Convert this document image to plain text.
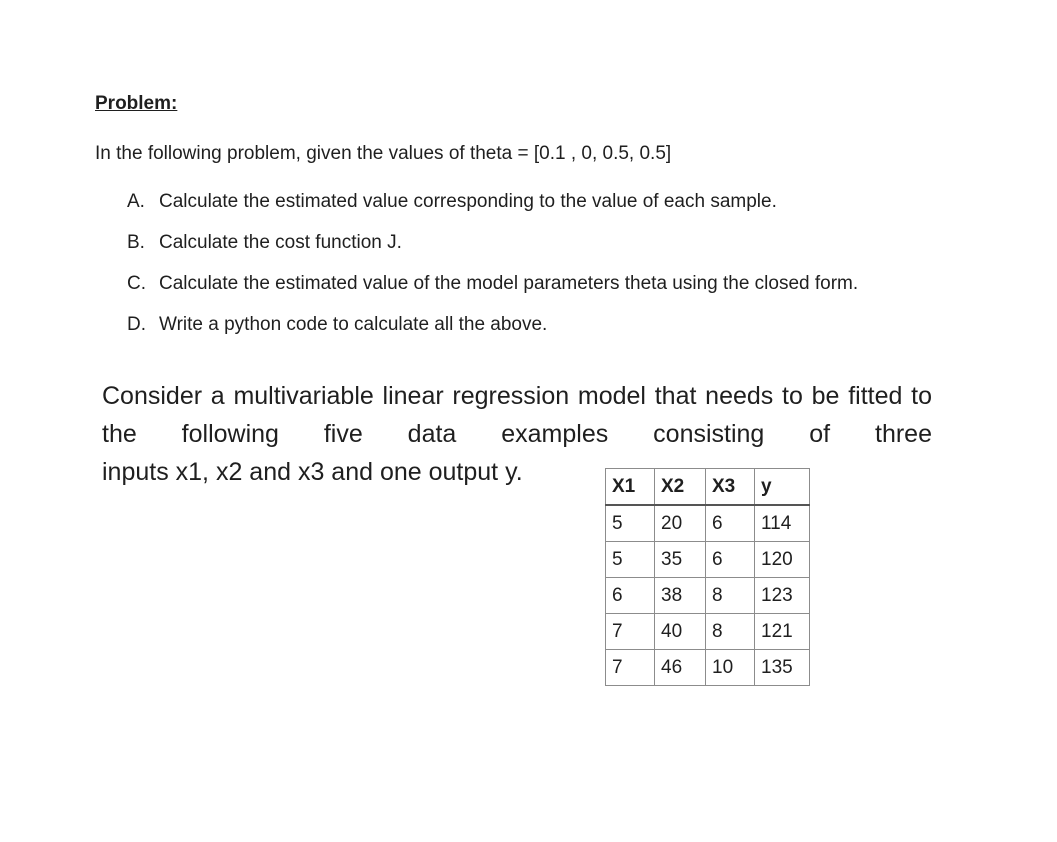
Problem:

In the following problem, given the values of theta = [0.1 , 0, 0.5, 0.5]

A. Calculate the estimated value corresponding to the value of each sample.
B. Calculate the cost function J.
C. Calculate the estimated value of the model parameters theta using the closed form.
D. Write a python code to calculate all the above.

Consider a multivariable linear regression model that needs to be fitted to the following five data examples consisting of three
inputs x1, x2 and x3 and one output y.	X1	X2	X3	y
5	20	6	114
5	35	6	120
6	38	8	123
7	40	8	121
7	46	10	135
